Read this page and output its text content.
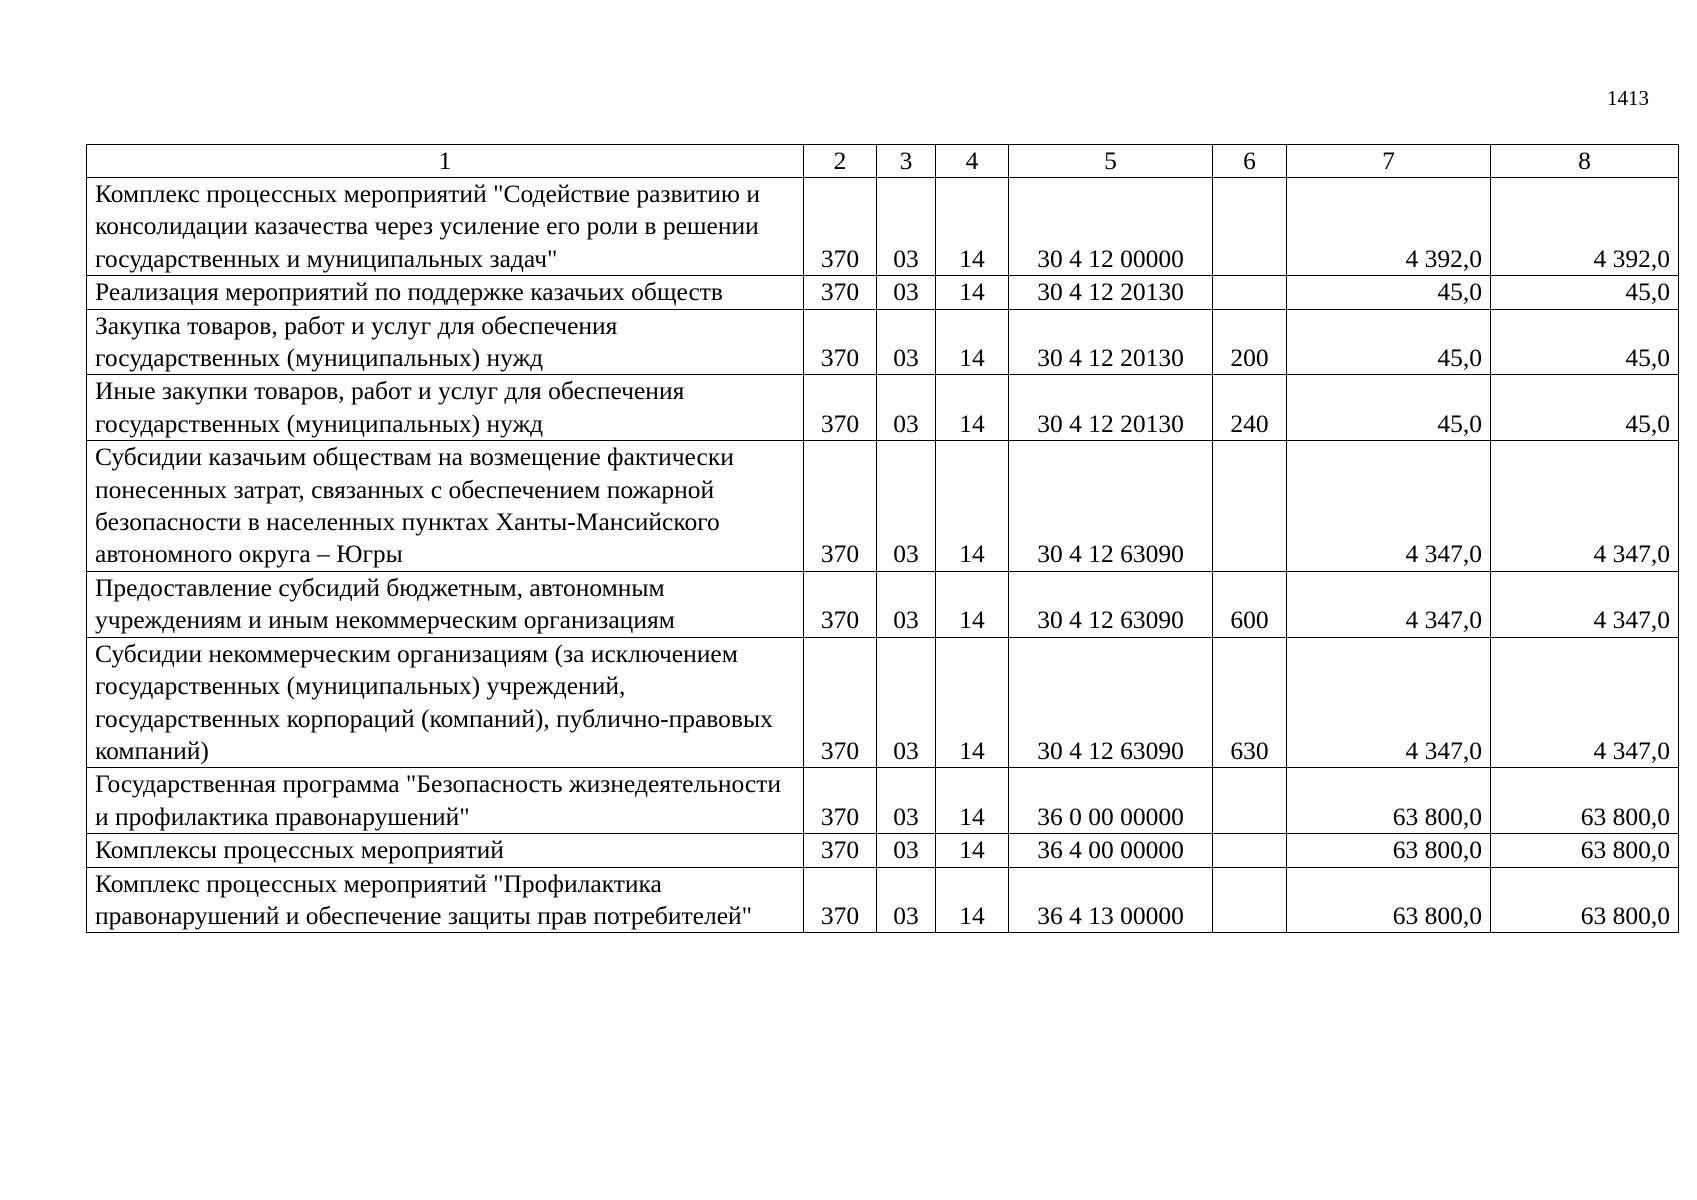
1413
1	2	3	4	5	6	7	8
Комплекс процессных мероприятий "Содействие развитию и консолидации казачества через усиление его роли в решении государственных и муниципальных задач"	370	03	14	30 4 12 00000		4 392,0	4 392,0
Реализация мероприятий по поддержке казачьих обществ	370	03	14	30 4 12 20130		45,0	45,0
Закупка товаров, работ и услуг для обеспечения государственных (муниципальных) нужд	370	03	14	30 4 12 20130	200	45,0	45,0
Иные закупки товаров, работ и услуг для обеспечения государственных (муниципальных) нужд	370	03	14	30 4 12 20130	240	45,0	45,0
Субсидии казачьим обществам на возмещение фактически понесенных затрат, связанных с обеспечением пожарной безопасности в населенных пунктах Ханты-Мансийского автономного округа – Югры	370	03	14	30 4 12 63090		4 347,0	4 347,0
Предоставление субсидий бюджетным, автономным учреждениям и иным некоммерческим организациям	370	03	14	30 4 12 63090	600	4 347,0	4 347,0
Субсидии некоммерческим организациям (за исключением государственных (муниципальных) учреждений, государственных корпораций (компаний), публично-правовых компаний)	370	03	14	30 4 12 63090	630	4 347,0	4 347,0
Государственная программа "Безопасность жизнедеятельности и профилактика правонарушений"	370	03	14	36 0 00 00000		63 800,0	63 800,0
Комплексы процессных мероприятий	370	03	14	36 4 00 00000		63 800,0	63 800,0
Комплекс процессных мероприятий "Профилактика правонарушений и обеспечение защиты прав потребителей"	370	03	14	36 4 13 00000		63 800,0	63 800,0
